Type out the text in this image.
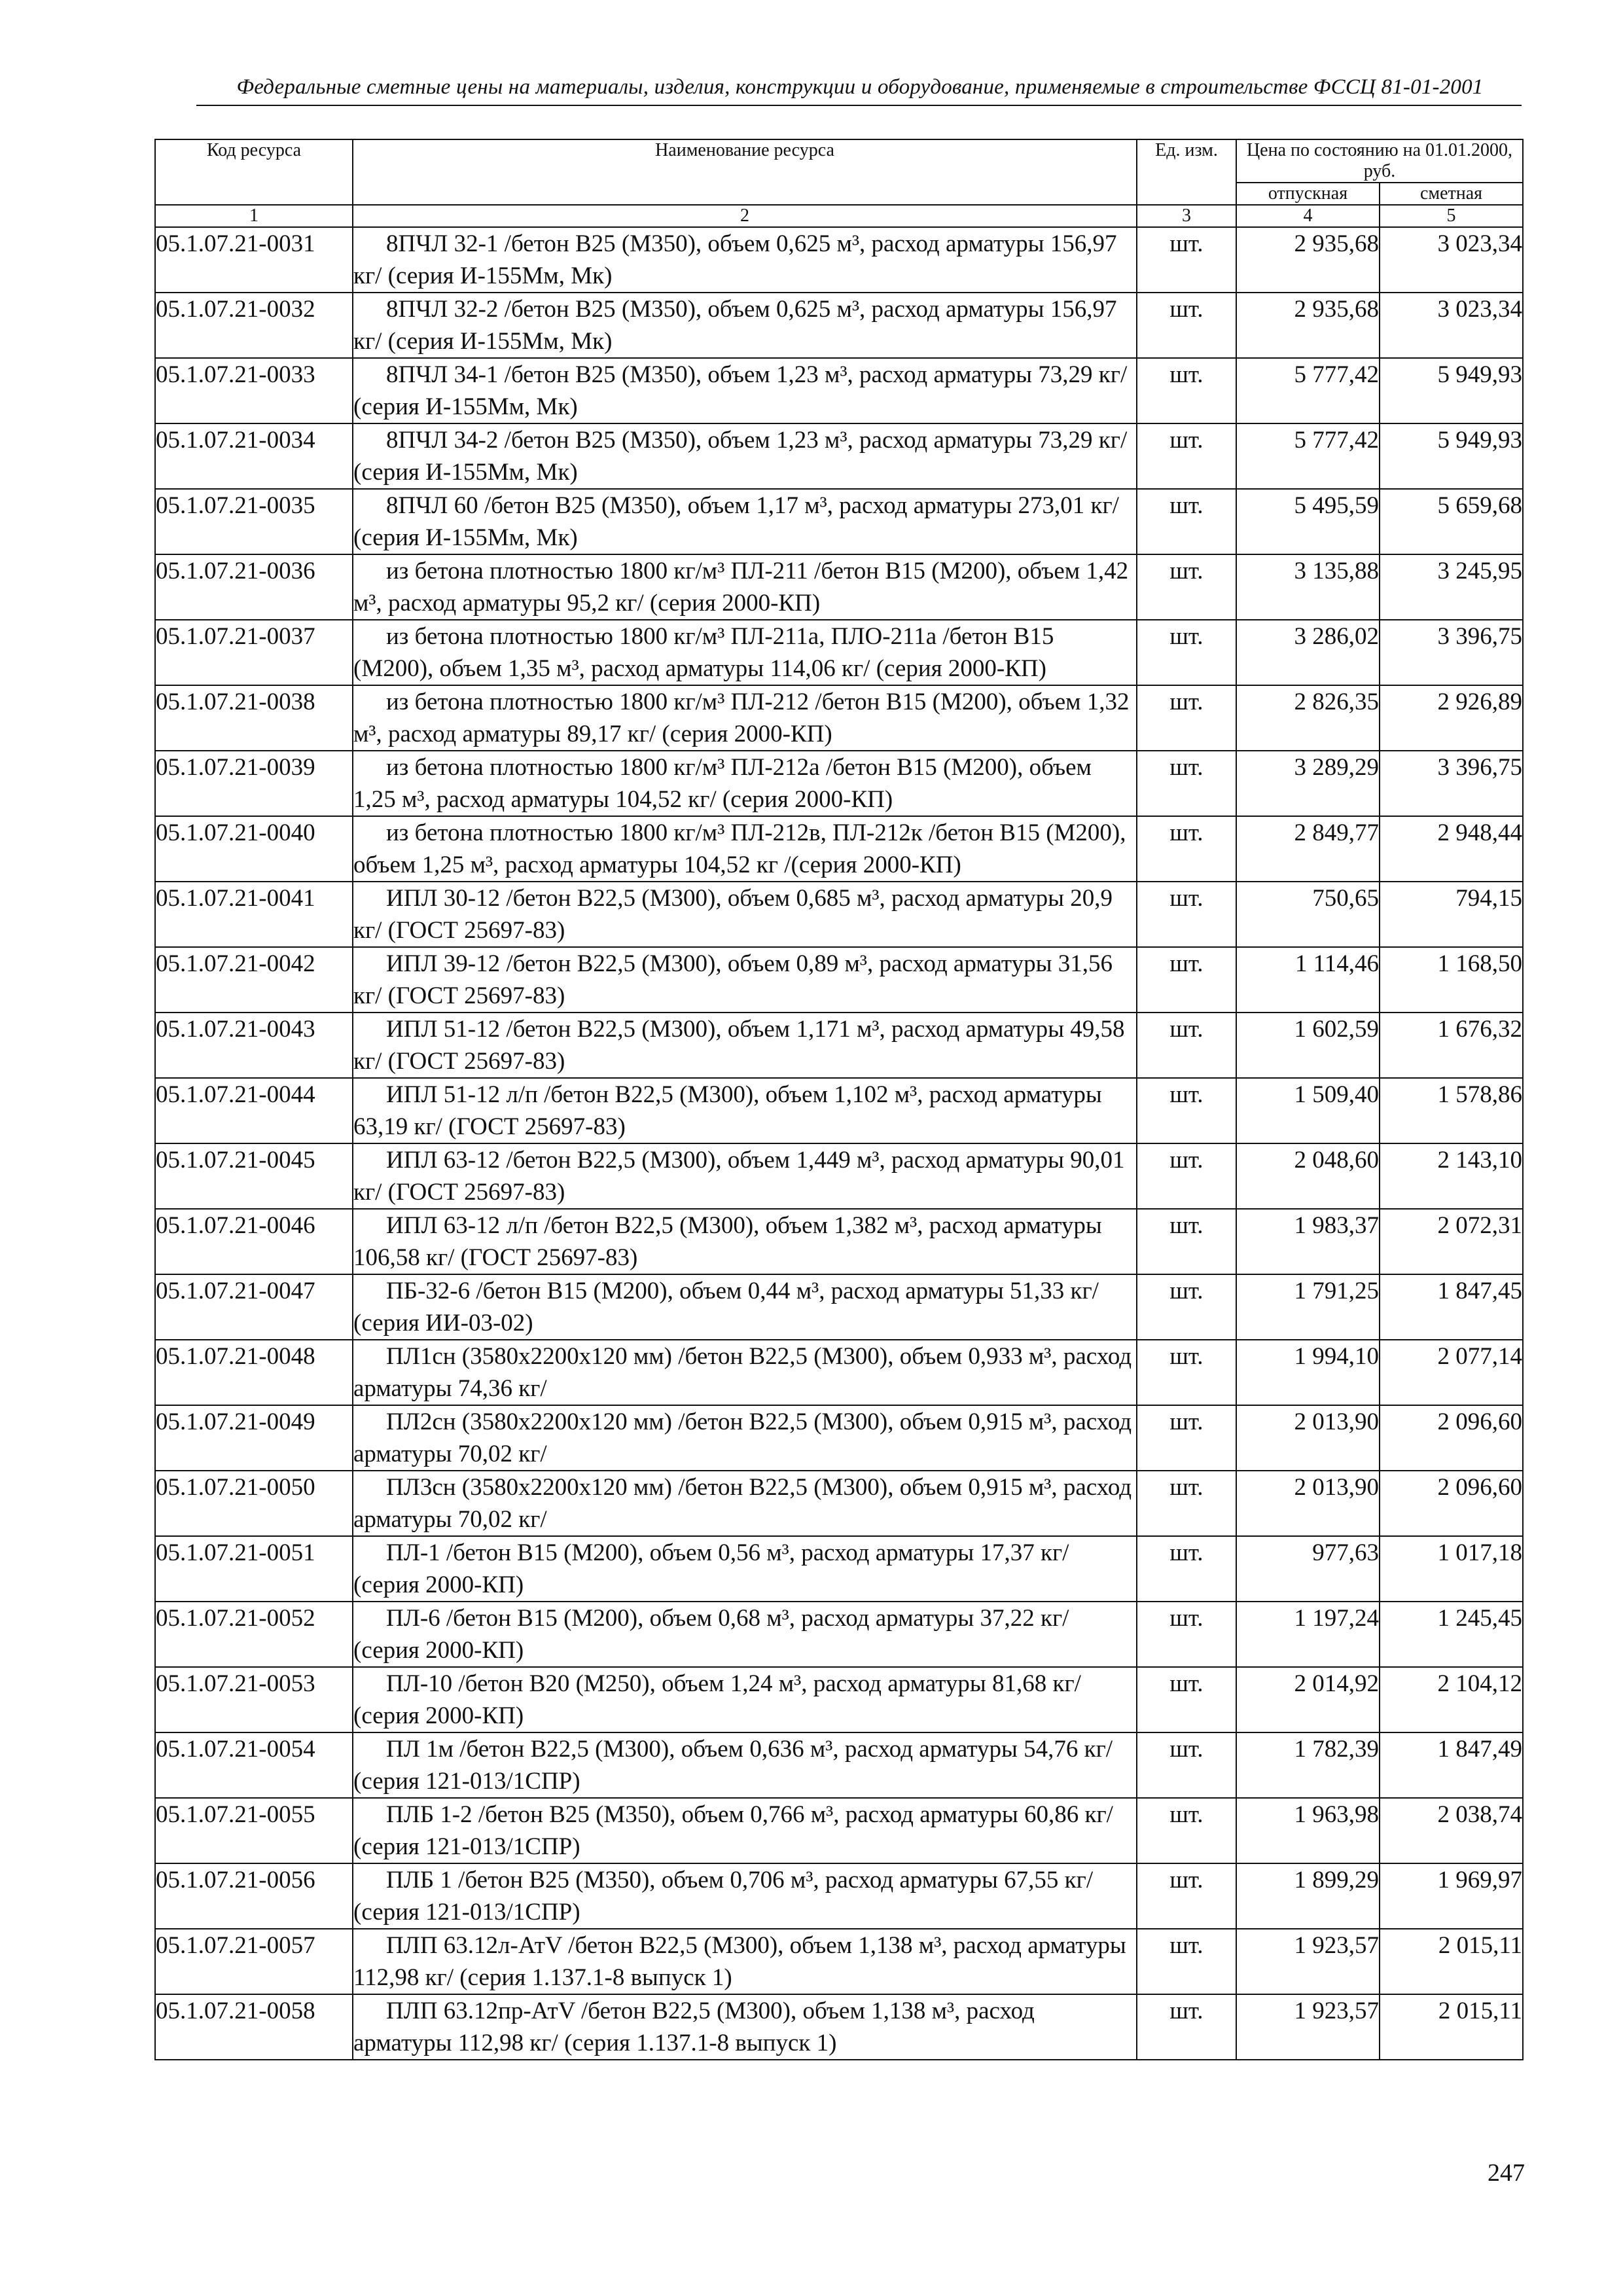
Федеральные сметные цены на материалы, изделия, конструкции и оборудование, применяемые в строительстве ФССЦ 81-01-2001
Код ресурса	Наименование ресурса	Ед. изм.	Цена по состоянию на 01.01.2000, руб.	
			отпускная	сметная
1	2	3	4	5
05.1.07.21-0031	8ПЧЛ 32-1 /бетон В25 (М350), объем 0,625 м³, расход арматуры 156,97 кг/ (серия И-155Мм, Мк)	шт.	2 935,68	3 023,34
05.1.07.21-0032	8ПЧЛ 32-2 /бетон В25 (М350), объем 0,625 м³, расход арматуры 156,97 кг/ (серия И-155Мм, Мк)	шт.	2 935,68	3 023,34
05.1.07.21-0033	8ПЧЛ 34-1 /бетон В25 (М350), объем 1,23 м³, расход арматуры 73,29 кг/ (серия И-155Мм, Мк)	шт.	5 777,42	5 949,93
05.1.07.21-0034	8ПЧЛ 34-2 /бетон В25 (М350), объем 1,23 м³, расход арматуры 73,29 кг/ (серия И-155Мм, Мк)	шт.	5 777,42	5 949,93
05.1.07.21-0035	8ПЧЛ 60 /бетон В25 (М350), объем 1,17 м³, расход арматуры 273,01 кг/ (серия И-155Мм, Мк)	шт.	5 495,59	5 659,68
05.1.07.21-0036	из бетона плотностью 1800 кг/м³ ПЛ-211 /бетон В15 (М200), объем 1,42 м³, расход арматуры 95,2 кг/ (серия 2000-КП)	шт.	3 135,88	3 245,95
05.1.07.21-0037	из бетона плотностью 1800 кг/м³ ПЛ-211а, ПЛО-211а /бетон В15 (М200), объем 1,35 м³, расход арматуры 114,06 кг/ (серия 2000-КП)	шт.	3 286,02	3 396,75
05.1.07.21-0038	из бетона плотностью 1800 кг/м³ ПЛ-212 /бетон В15 (М200), объем 1,32 м³, расход арматуры 89,17 кг/ (серия 2000-КП)	шт.	2 826,35	2 926,89
05.1.07.21-0039	из бетона плотностью 1800 кг/м³ ПЛ-212а /бетон В15 (М200), объем 1,25 м³, расход арматуры 104,52 кг/ (серия 2000-КП)	шт.	3 289,29	3 396,75
05.1.07.21-0040	из бетона плотностью 1800 кг/м³ ПЛ-212в, ПЛ-212к /бетон В15 (М200), объем 1,25 м³, расход арматуры 104,52 кг /(серия 2000-КП)	шт.	2 849,77	2 948,44
05.1.07.21-0041	ИПЛ 30-12 /бетон В22,5 (М300), объем 0,685 м³, расход арматуры 20,9 кг/ (ГОСТ 25697-83)	шт.	750,65	794,15
05.1.07.21-0042	ИПЛ 39-12 /бетон В22,5 (М300), объем 0,89 м³, расход арматуры 31,56 кг/ (ГОСТ 25697-83)	шт.	1 114,46	1 168,50
05.1.07.21-0043	ИПЛ 51-12 /бетон В22,5 (М300), объем 1,171 м³, расход арматуры 49,58 кг/ (ГОСТ 25697-83)	шт.	1 602,59	1 676,32
05.1.07.21-0044	ИПЛ 51-12 л/п /бетон В22,5 (М300), объем 1,102 м³, расход арматуры 63,19 кг/ (ГОСТ 25697-83)	шт.	1 509,40	1 578,86
05.1.07.21-0045	ИПЛ 63-12 /бетон В22,5 (М300), объем 1,449 м³, расход арматуры 90,01 кг/ (ГОСТ 25697-83)	шт.	2 048,60	2 143,10
05.1.07.21-0046	ИПЛ 63-12 л/п /бетон В22,5 (М300), объем 1,382 м³, расход арматуры 106,58 кг/ (ГОСТ 25697-83)	шт.	1 983,37	2 072,31
05.1.07.21-0047	ПБ-32-6 /бетон В15 (М200), объем 0,44 м³, расход арматуры 51,33 кг/ (серия ИИ-03-02)	шт.	1 791,25	1 847,45
05.1.07.21-0048	ПЛ1сн (3580х2200х120 мм) /бетон В22,5 (М300), объем 0,933 м³, расход арматуры 74,36 кг/	шт.	1 994,10	2 077,14
05.1.07.21-0049	ПЛ2сн (3580х2200х120 мм) /бетон В22,5 (М300), объем 0,915 м³, расход арматуры 70,02 кг/	шт.	2 013,90	2 096,60
05.1.07.21-0050	ПЛ3сн (3580х2200х120 мм) /бетон В22,5 (М300), объем 0,915 м³, расход арматуры 70,02 кг/	шт.	2 013,90	2 096,60
05.1.07.21-0051	ПЛ-1 /бетон В15 (М200), объем 0,56 м³, расход арматуры 17,37 кг/ (серия 2000-КП)	шт.	977,63	1 017,18
05.1.07.21-0052	ПЛ-6 /бетон В15 (М200), объем 0,68 м³, расход арматуры 37,22 кг/ (серия 2000-КП)	шт.	1 197,24	1 245,45
05.1.07.21-0053	ПЛ-10 /бетон В20 (М250), объем 1,24 м³, расход арматуры 81,68 кг/ (серия 2000-КП)	шт.	2 014,92	2 104,12
05.1.07.21-0054	ПЛ 1м /бетон В22,5 (М300), объем 0,636 м³, расход арматуры 54,76 кг/ (серия 121-013/1СПР)	шт.	1 782,39	1 847,49
05.1.07.21-0055	ПЛБ 1-2 /бетон В25 (М350), объем 0,766 м³, расход арматуры 60,86 кг/ (серия 121-013/1СПР)	шт.	1 963,98	2 038,74
05.1.07.21-0056	ПЛБ 1 /бетон В25 (М350), объем 0,706 м³, расход арматуры 67,55 кг/ (серия 121-013/1СПР)	шт.	1 899,29	1 969,97
05.1.07.21-0057	ПЛП 63.12л-АтV /бетон В22,5 (М300), объем 1,138 м³, расход арматуры 112,98 кг/ (серия 1.137.1-8 выпуск 1)	шт.	1 923,57	2 015,11
05.1.07.21-0058	ПЛП 63.12пр-АтV /бетон В22,5 (М300), объем 1,138 м³, расход арматуры 112,98 кг/ (серия 1.137.1-8 выпуск 1)	шт.	1 923,57	2 015,11
247
